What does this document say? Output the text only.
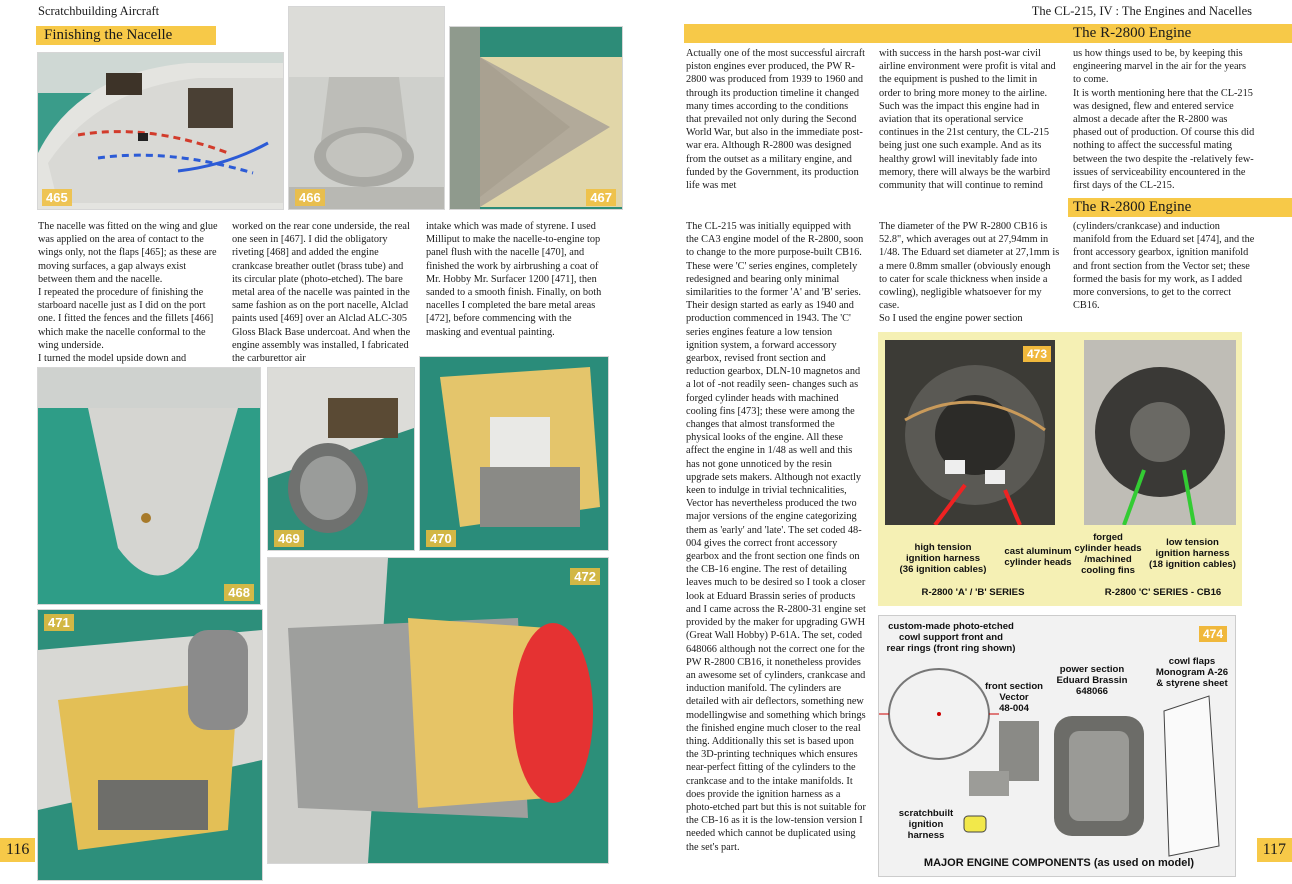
Scratchbuilding Aircraft	The CL-215, IV : The Engines and Nacelles
Finishing the Nacelle
465	466	467
The nacelle was fitted on the wing and glue was applied on the area of contact to the wings only, not the flaps [465]; as these are moving surfaces, a gap always exist between them and the nacelle.
I repeated the procedure of finishing the starboard nacelle just as I did on the port one. I fitted the fences and the fillets [466] which make the nacelle conformal to the wing underside.
I turned the model upside down and
worked on the rear cone underside, the real one seen in [467]. I did the obligatory riveting [468] and added the engine crankcase breather outlet (brass tube) and its circular plate (photo-etched). The bare metal area of the nacelle was painted in the same fashion as on the port nacelle, Alclad paints used [469] over an Alclad ALC-305 Gloss Black Base undercoat. And when the engine assembly was installed, I fabricated the carburettor air
intake which was made of styrene. I used Milliput to make the nacelle-to-engine top panel flush with the nacelle [470], and finished the work by airbrushing a coat of Mr. Hobby Mr. Surfacer 1200 [471], then sanded to a smooth finish. Finally, on both nacelles I completed the bare metal areas [472], before commencing with the masking and eventual painting.
468
469	470
471
472
116
The R-2800 Engine
Actually one of the most successful aircraft piston engines ever produced, the PW R-2800 was produced from 1939 to 1960 and through its production timeline it changed many times according to the conditions that prevailed not only during the Second World War, but also in the immediate post-war era. Although R-2800 was designed from the outset as a military engine, and funded by the Government, its production life was met
with success in the harsh post-war civil airline environment were profit is vital and the equipment is pushed to the limit in order to bring more money to the airline. Such was the impact this engine had in aviation that its operational service continues in the 21st century, the CL-215 being just one such example. And as its healthy growl will inevitably fade into memory, there will always be the warbird community that will continue to remind
us how things used to be, by keeping this engineering marvel in the air for the years to come.
It is worth mentioning here that the CL-215 was designed, flew and entered service almost a decade after the R-2800 was phased out of production. Of course this did nothing to affect the successful mating between the two despite the -relatively few- issues of serviceability encountered in the first days of the CL-215.
The R-2800 Engine
The CL-215 was initially equipped with the CA3 engine model of the R-2800, soon to change to the more purpose-built CB16. These were 'C' series engines, completely redesigned and bearing only minimal similarities to the former 'A' and 'B' series. Their design started as early as 1940 and production commenced in 1943. The 'C' series engines feature a low tension ignition system, a forward accessory gearbox, revised front section and reduction gearbox, DLN-10 magnetos and a lot of -not readily seen- changes such as forged cylinder heads with machined cooling fins [473]; these were among the changes that almost transformed the physical looks of the engine. All these affect the engine in 1/48 as well and this has not gone unnoticed by the resin upgrade sets makers. Although not exactly keen to indulge in trivial technicalities, Vector has nevertheless produced the two major versions of the engine categorizing them as 'early' and 'late'. The set coded 48-004 gives the correct front accessory gearbox and the front section one finds on the CB-16 engine. The rest of detailing leaves much to be desired so I took a closer look at Eduard Brassin series of products and I came across the R-2800-31 engine set provided by the maker for upgrading GWH (Great Wall Hobby) P-61A. The set, coded 648066 although not the correct one for the PW R-2800 CB16, it nonetheless provides an awesome set of cylinders, crankcase and induction manifold. The cylinders are detailed with air deflectors, something new modellingwise and something which brings the finished engine much closer to the real thing. Additionally this set is based upon the 3D-printing techniques which ensures near-perfect fitting of the cylinders to the crankcase and to the intake manifolds. It does provide the ignition harness as a photo-etched part but this is not suitable for the CB-16 as it is the low-tension version I needed which cannot be duplicated using the set's part.
The diameter of the PW R-2800 CB16 is 52.8", which averages out at 27,94mm in 1/48. The Eduard set diameter at 27,1mm is a mere 0.8mm smaller (obviously enough to cater for scale thickness when inside a cowling), negligible whatsoever for my case.
So I used the engine power section
(cylinders/crankcase) and induction manifold from the Eduard set [474], and the front accessory gearbox, ignition manifold and front section from the Vector set; these formed the basis for my work, as I added more conversions, to get to the correct CB16.
473
high tension
ignition harness
(36 ignition cables)
cast aluminum
cylinder heads
forged
cylinder heads
/machined
cooling fins
low tension
ignition harness
(18 ignition cables)
R-2800 'A' / 'B' SERIES	R-2800 'C' SERIES - CB16
474
custom-made photo-etched
cowl support front and
rear rings (front ring shown)
front section
Vector
48-004
power section
Eduard Brassin
648066
cowl flaps
Monogram A-26
& styrene sheet
scratchbuilt
ignition
harness
MAJOR ENGINE COMPONENTS (as used on model)
117
